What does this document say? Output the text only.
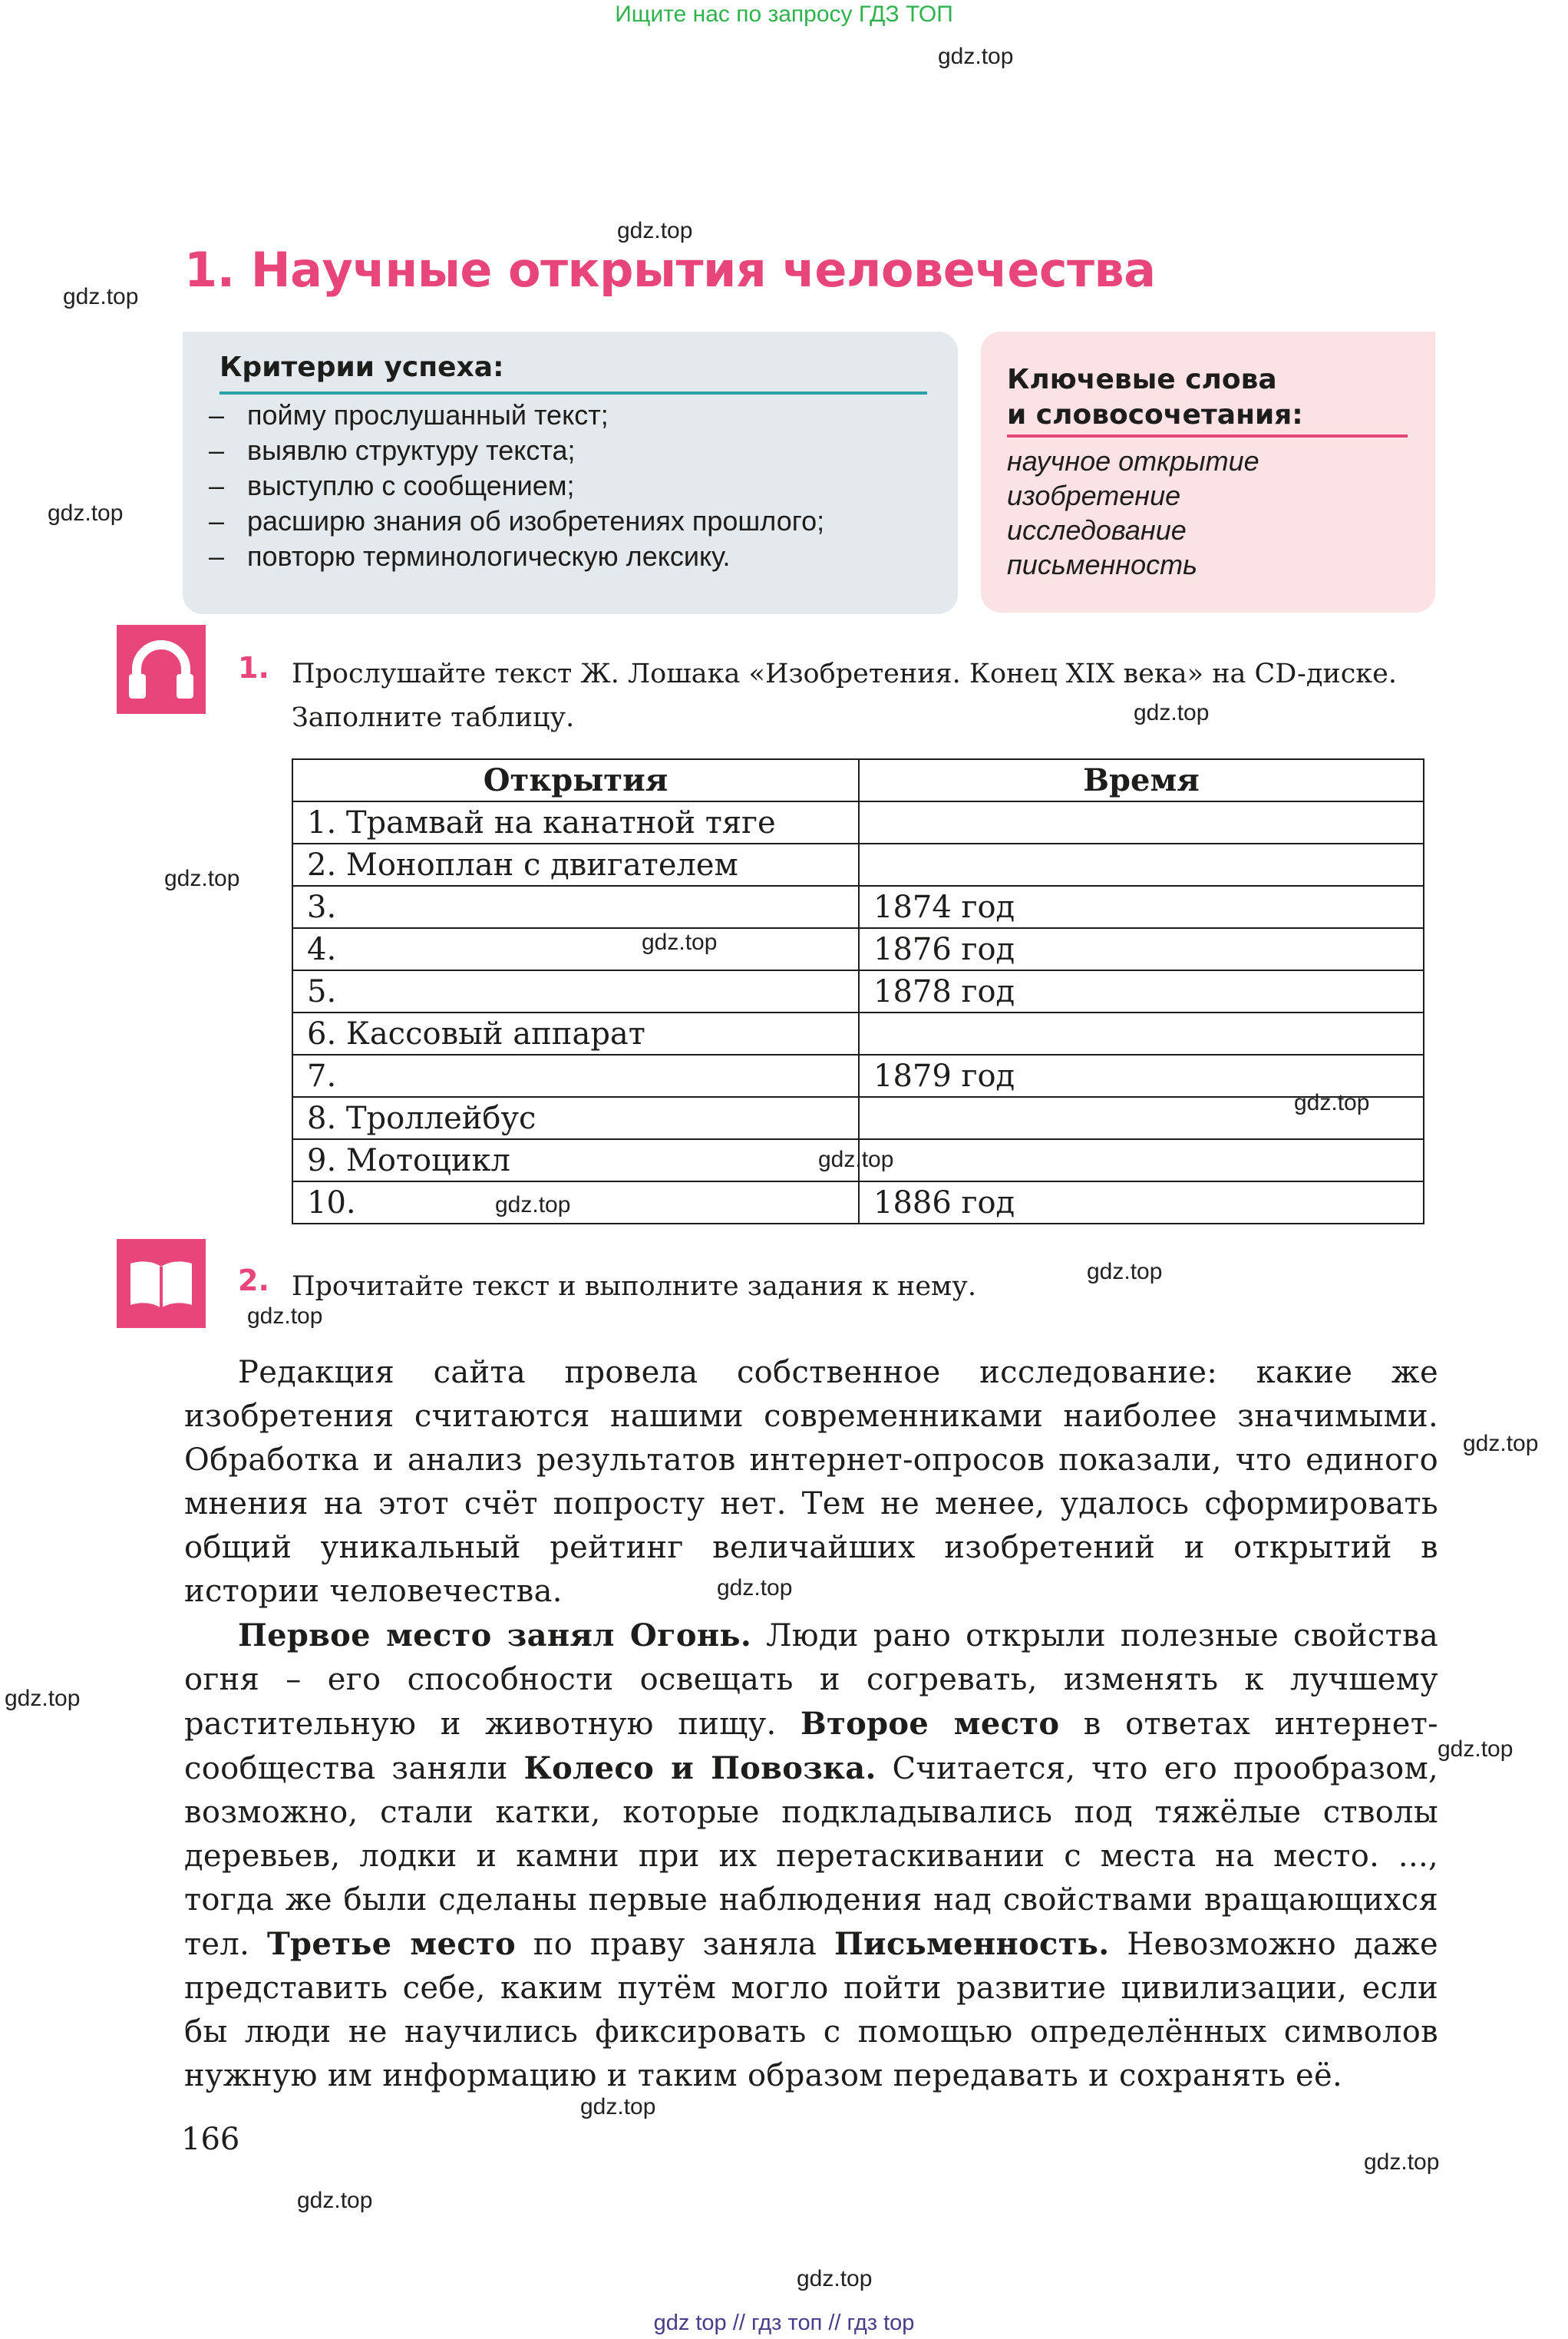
Ищите нас по запросу ГДЗ ТОП
gdz.top
gdz.top
gdz.top
gdz.top
gdz.top
gdz.top
gdz.top
gdz.top
gdz.top
gdz.top
gdz.top
gdz.top
gdz.top
gdz.top
gdz.top
gdz.top
gdz.top
gdz.top
gdz.top
gdz.top
1. Научные открытия человечества
Критерии успеха:
– пойму прослушанный текст;
– выявлю структуру текста;
– выступлю с сообщением;
– расширю знания об изобретениях прошлого;
– повторю терминологическую лексику.
Ключевые слова
и словосочетания:
научное открытие
изобретение
исследование
письменность
1. Прослушайте текст Ж. Лошака «Изобретения. Конец XIX века» на CD-диске.
Заполните таблицу.
Открытия	Время
1. Трамвай на канатной тяге	
2. Моноплан с двигателем	
3.	1874 год
4.	1876 год
5.	1878 год
6. Кассовый аппарат	
7.	1879 год
8. Троллейбус	
9. Мотоцикл	
10.	1886 год
2. Прочитайте текст и выполните задания к нему.

Редакция сайта провела собственное исследование: какие же изобретения считаются нашими современниками наиболее значимыми. Обработка и анализ результатов интернет-опросов показали, что единого мнения на этот счёт попросту нет. Тем не менее, удалось сформировать общий уникальный рейтинг величайших изобретений и открытий в истории человечества.

Первое место занял Огонь. Люди рано открыли полезные свойства огня – его способности освещать и согревать, изменять к лучшему растительную и животную пищу. Второе место в ответах интернет-сообщества заняли Колесо и Повозка. Считается, что его прообразом, возможно, стали катки, которые подкладывались под тяжёлые стволы деревьев, лодки и камни при их перетаскивании с места на место. ..., тогда же были сделаны первые наблюдения над свойствами вращающихся тел. Третье место по праву заняла Письменность. Невозможно даже представить себе, каким путём могло пойти развитие цивилизации, если бы люди не научились фиксировать с помощью определённых символов нужную им информацию и таким образом передавать и сохранять её.

166
gdz top // гдз топ // гдз top
